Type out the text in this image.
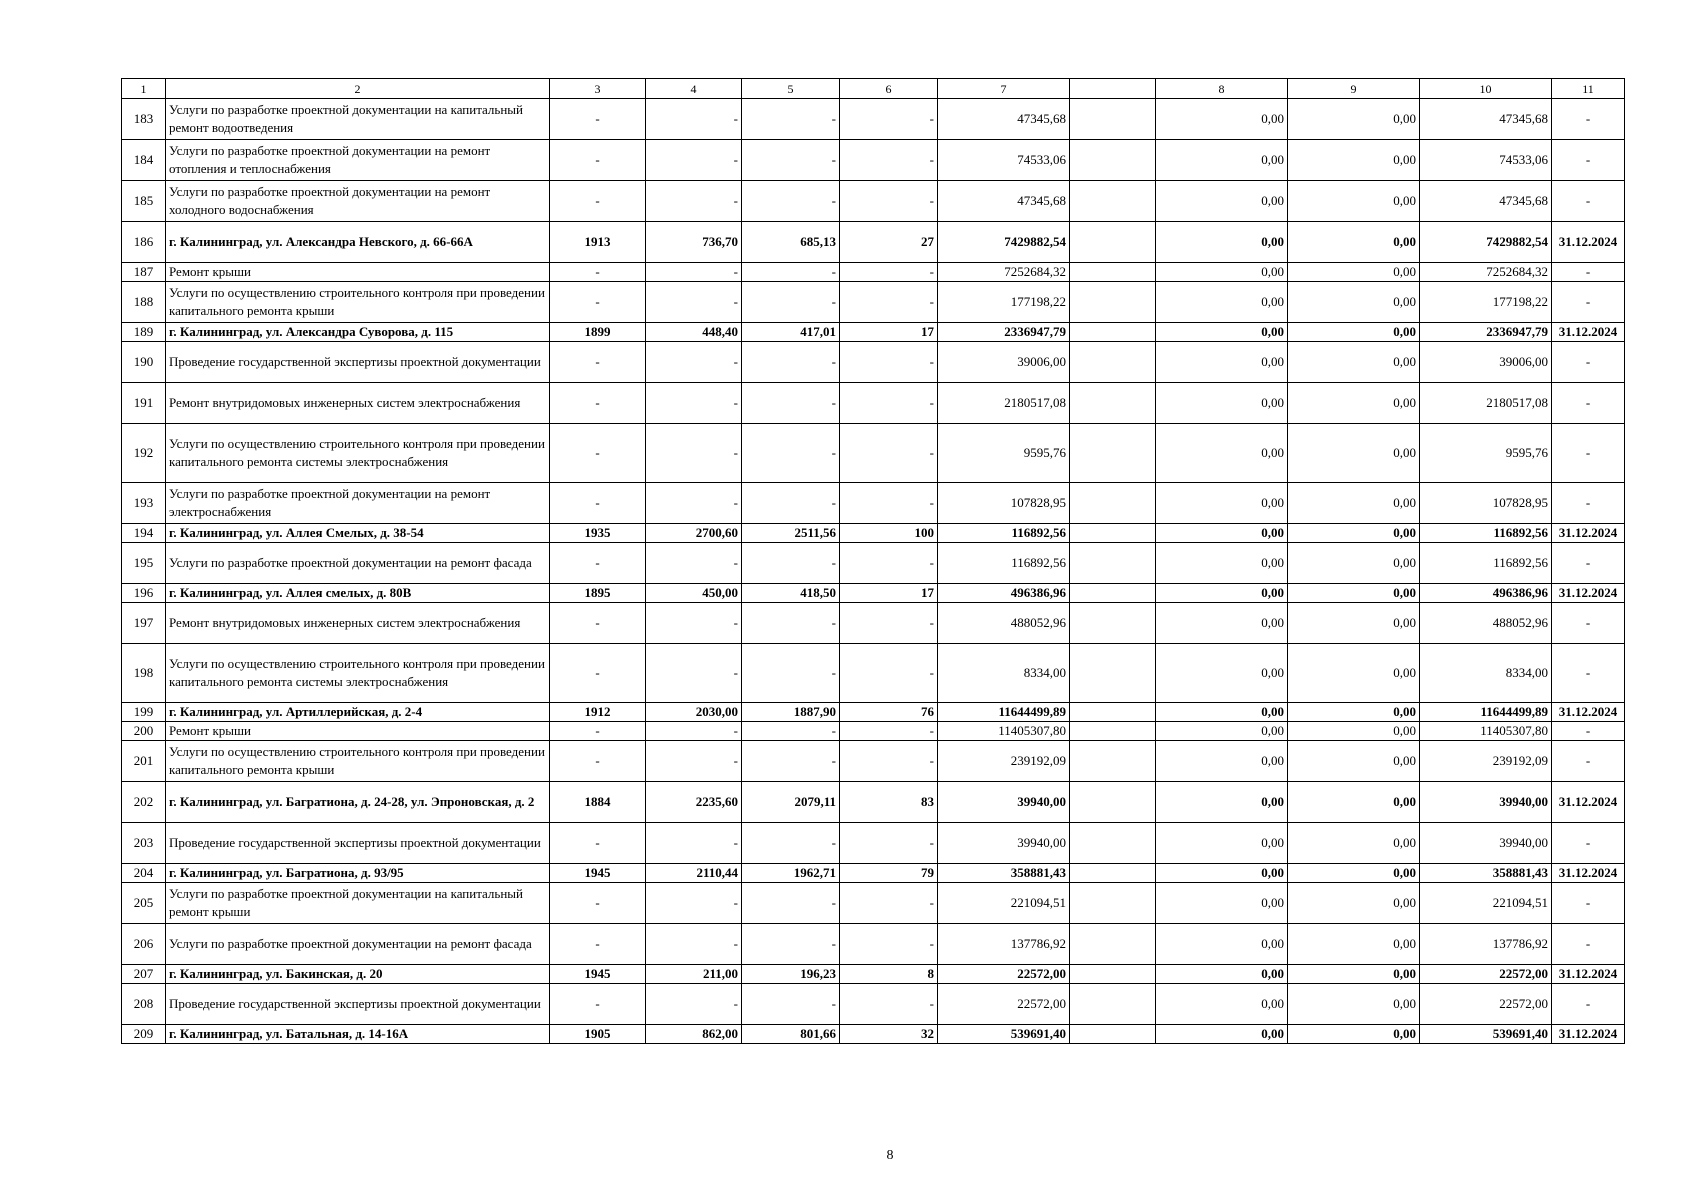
1	2	3	4	5	6	7		8	9	10	11
183	Услуги по разработке проектной документации на капитальный ремонт водоотведения	-	-	-	-	47345,68		0,00	0,00	47345,68	-
184	Услуги по разработке проектной документации на ремонт отопления и теплоснабжения	-	-	-	-	74533,06		0,00	0,00	74533,06	-
185	Услуги по разработке проектной документации на ремонт холодного водоснабжения	-	-	-	-	47345,68		0,00	0,00	47345,68	-
186	г. Калининград, ул. Александра Невского, д. 66-66А	1913	736,70	685,13	27	7429882,54		0,00	0,00	7429882,54	31.12.2024
187	Ремонт крыши	-	-	-	-	7252684,32		0,00	0,00	7252684,32	-
188	Услуги по осуществлению строительного контроля при проведении капитального ремонта крыши	-	-	-	-	177198,22		0,00	0,00	177198,22	-
189	г. Калининград, ул. Александра Суворова, д. 115	1899	448,40	417,01	17	2336947,79		0,00	0,00	2336947,79	31.12.2024
190	Проведение государственной экспертизы проектной документации	-	-	-	-	39006,00		0,00	0,00	39006,00	-
191	Ремонт внутридомовых инженерных систем электроснабжения	-	-	-	-	2180517,08		0,00	0,00	2180517,08	-
192	Услуги по осуществлению строительного контроля при проведении капитального ремонта системы электроснабжения	-	-	-	-	9595,76		0,00	0,00	9595,76	-
193	Услуги по разработке проектной документации на ремонт электроснабжения	-	-	-	-	107828,95		0,00	0,00	107828,95	-
194	г. Калининград, ул. Аллея Смелых, д. 38-54	1935	2700,60	2511,56	100	116892,56		0,00	0,00	116892,56	31.12.2024
195	Услуги по разработке проектной документации на ремонт фасада	-	-	-	-	116892,56		0,00	0,00	116892,56	-
196	г. Калининград, ул. Аллея смелых, д. 80В	1895	450,00	418,50	17	496386,96		0,00	0,00	496386,96	31.12.2024
197	Ремонт внутридомовых инженерных систем электроснабжения	-	-	-	-	488052,96		0,00	0,00	488052,96	-
198	Услуги по осуществлению строительного контроля при проведении капитального ремонта системы электроснабжения	-	-	-	-	8334,00		0,00	0,00	8334,00	-
199	г. Калининград, ул. Артиллерийская, д. 2-4	1912	2030,00	1887,90	76	11644499,89		0,00	0,00	11644499,89	31.12.2024
200	Ремонт крыши	-	-	-	-	11405307,80		0,00	0,00	11405307,80	-
201	Услуги по осуществлению строительного контроля при проведении капитального ремонта крыши	-	-	-	-	239192,09		0,00	0,00	239192,09	-
202	г. Калининград, ул. Багратиона, д. 24-28, ул. Эпроновская, д. 2	1884	2235,60	2079,11	83	39940,00		0,00	0,00	39940,00	31.12.2024
203	Проведение государственной экспертизы проектной документации	-	-	-	-	39940,00		0,00	0,00	39940,00	-
204	г. Калининград, ул. Багратиона, д. 93/95	1945	2110,44	1962,71	79	358881,43		0,00	0,00	358881,43	31.12.2024
205	Услуги по разработке проектной документации на капитальный ремонт крыши	-	-	-	-	221094,51		0,00	0,00	221094,51	-
206	Услуги по разработке проектной документации на ремонт фасада	-	-	-	-	137786,92		0,00	0,00	137786,92	-
207	г. Калининград, ул. Бакинская, д. 20	1945	211,00	196,23	8	22572,00		0,00	0,00	22572,00	31.12.2024
208	Проведение государственной экспертизы проектной документации	-	-	-	-	22572,00		0,00	0,00	22572,00	-
209	г. Калининград, ул. Батальная, д. 14-16А	1905	862,00	801,66	32	539691,40		0,00	0,00	539691,40	31.12.2024
8
